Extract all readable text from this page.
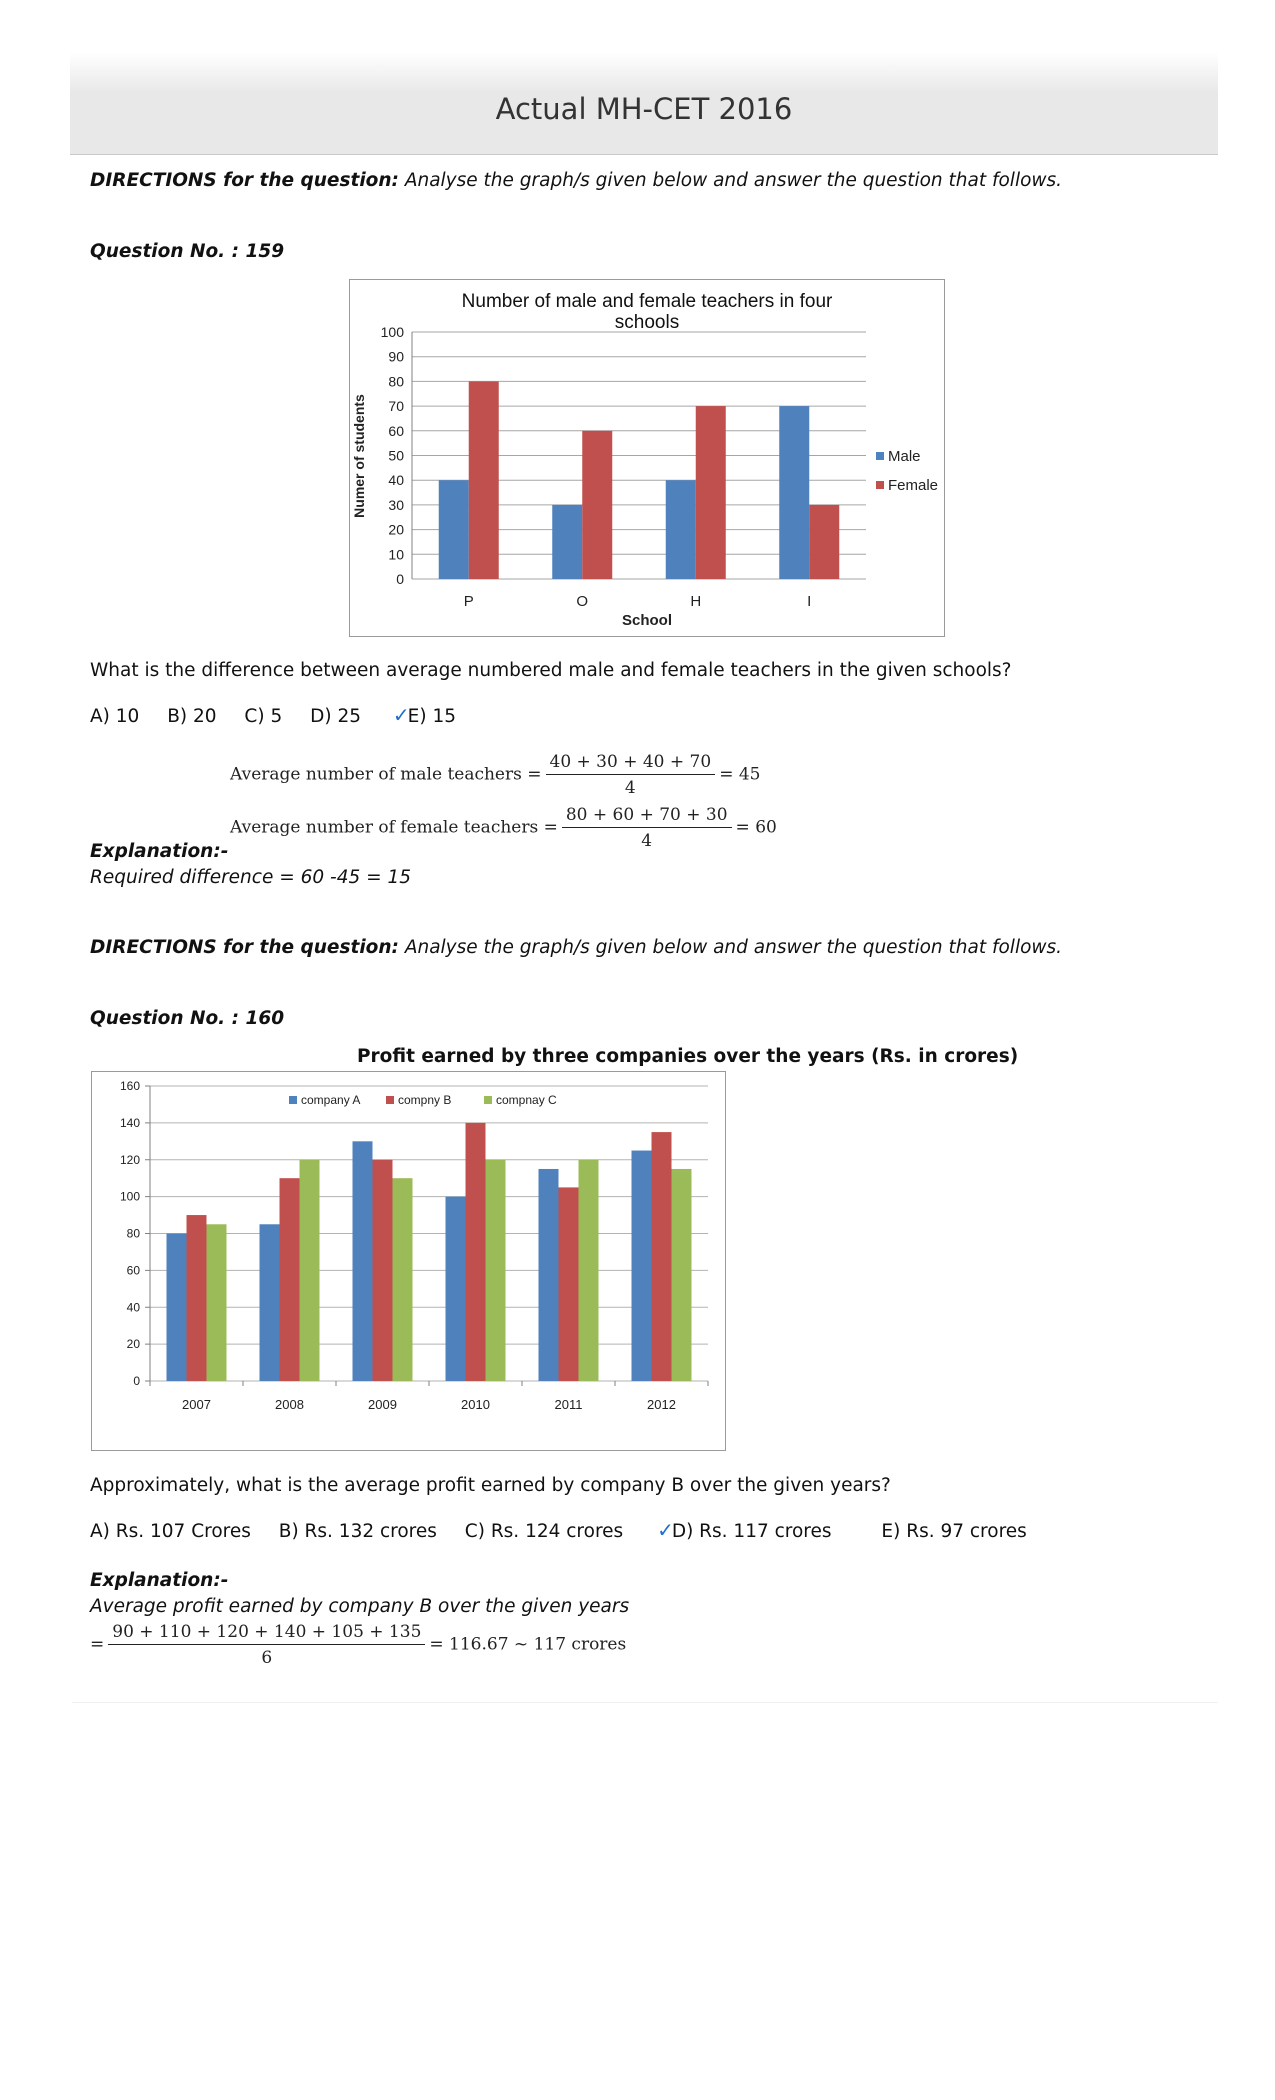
Actual MH-CET 2016
DIRECTIONS for the question: Analyse the graph/s given below and answer the question that follows.
Question No. : 159
Number of male and female teachers in four
schools
0
10
20
30
40
50
60
70
80
90
100
P	O	H	I
School
Numer of students	Male
Female
What is the difference between average numbered male and female teachers in the given schools?
A) 10 B) 20 C) 5 D) 25 ✓E) 15
Average number of male teachers = $\frac{40 + 30 + 40 + 70}{4} = 45$
Average number of female teachers = $\frac{80 + 60 + 70 + 30}{4} = 60$
Explanation:-
Required difference = 60 -45 = 15
DIRECTIONS for the question: Analyse the graph/s given below and answer the question that follows.
Question No. : 160
Profit earned by three companies over the years (Rs. in crores)
0
20
40
60
80
100
120
140
160
2007	2008	2009	2010	2011	2012
company A	compny B	compnay C
Approximately, what is the average profit earned by company B over the given years?
A) Rs. 107 Crores B) Rs. 132 crores C) Rs. 124 crores ✓D) Rs. 117 crores	E) Rs. 97 crores
Explanation:-
Average profit earned by company B over the given years
= $\frac{90 + 110 + 120 + 140 + 105 + 135}{6} = 116.67$ ~ 117 crores
